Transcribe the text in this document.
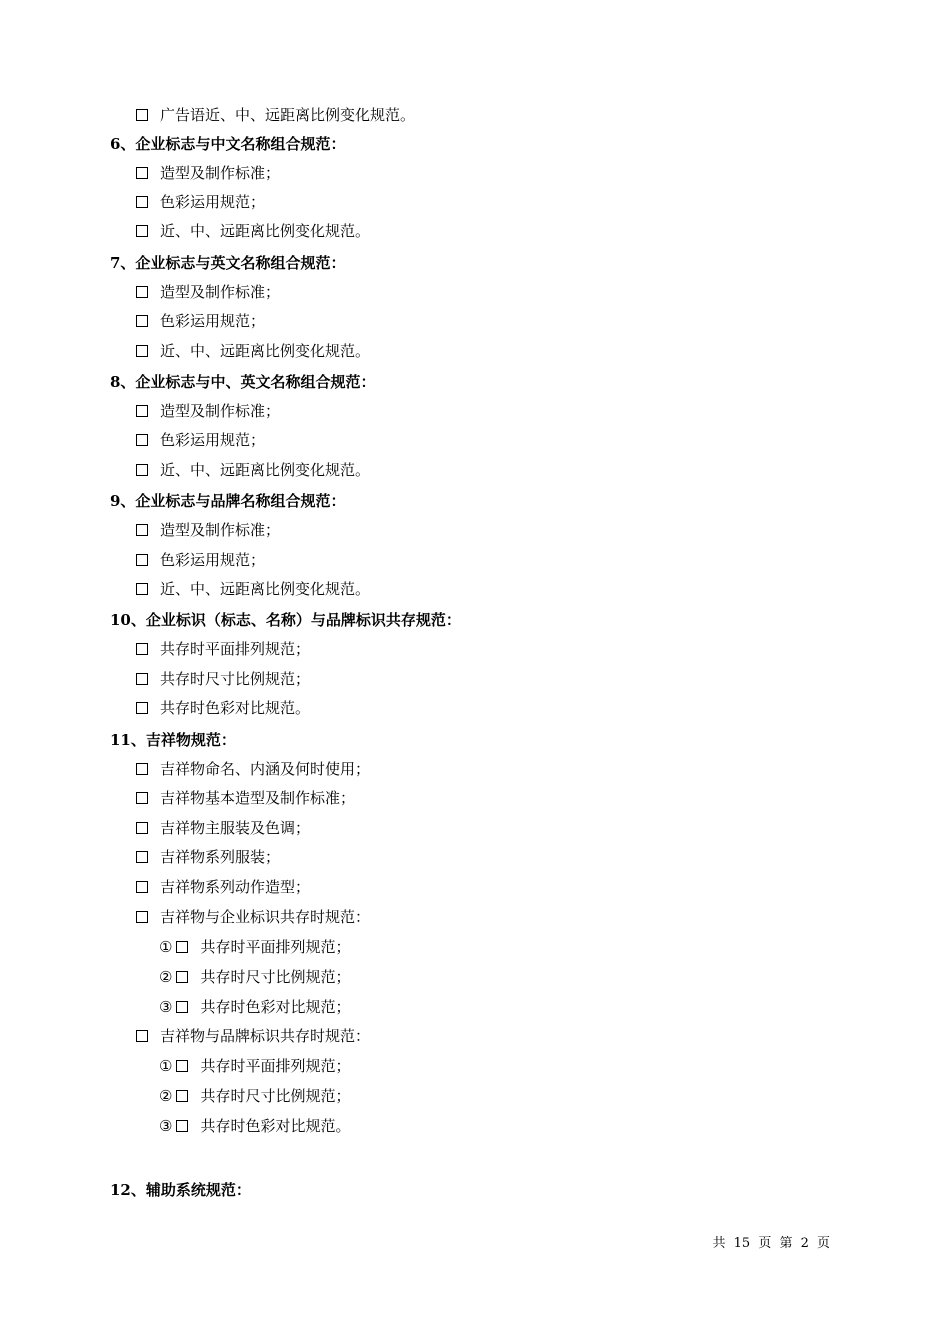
广告语近、中、远距离比例变化规范。
6、企业标志与中文名称组合规范：
造型及制作标准；
色彩运用规范；
近、中、远距离比例变化规范。
7、企业标志与英文名称组合规范：
造型及制作标准；
色彩运用规范；
近、中、远距离比例变化规范。
8、企业标志与中、英文名称组合规范：
造型及制作标准；
色彩运用规范；
近、中、远距离比例变化规范。
9、企业标志与品牌名称组合规范：
造型及制作标准；
色彩运用规范；
近、中、远距离比例变化规范。
10、企业标识（标志、名称）与品牌标识共存规范：
共存时平面排列规范；
共存时尺寸比例规范；
共存时色彩对比规范。
11、吉祥物规范：
吉祥物命名、内涵及何时使用；
吉祥物基本造型及制作标准；
吉祥物主服装及色调；
吉祥物系列服装；
吉祥物系列动作造型；
吉祥物与企业标识共存时规范：
① 共存时平面排列规范；
② 共存时尺寸比例规范；
③ 共存时色彩对比规范；
吉祥物与品牌标识共存时规范：
① 共存时平面排列规范；
② 共存时尺寸比例规范；
③ 共存时色彩对比规范。
12、辅助系统规范：
共 15 页 第 2 页
